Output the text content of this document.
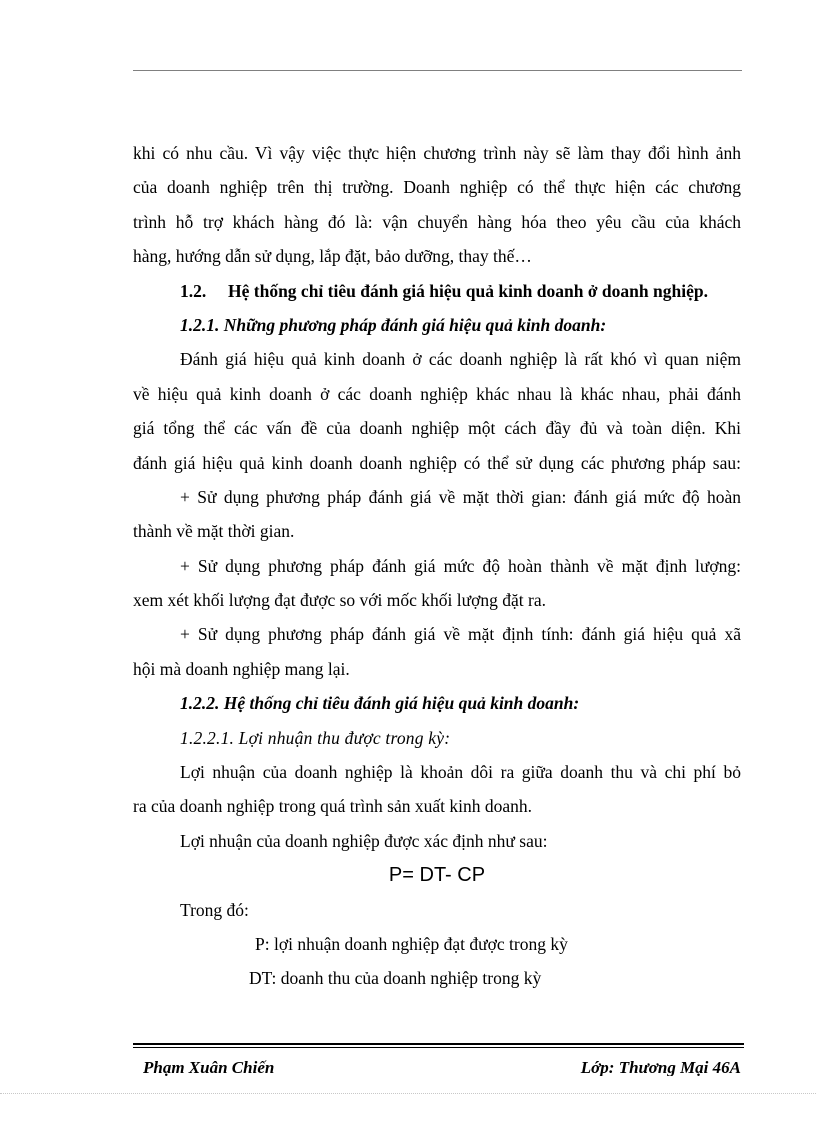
khi có nhu cầu. Vì vậy việc thực hiện chương trình này sẽ làm thay đổi hình ảnh
của doanh nghiệp trên thị trường. Doanh nghiệp có thể thực hiện các chương
trình hỗ trợ khách hàng đó là: vận chuyển hàng hóa theo yêu cầu của khách
hàng, hướng dẫn sử dụng, lắp đặt, bảo dưỡng, thay thế…
1.2. Hệ thống chỉ tiêu đánh giá hiệu quả kinh doanh ở doanh nghiệp.
1.2.1. Những phương pháp đánh giá hiệu quả kinh doanh:
Đánh giá hiệu quả kinh doanh ở các doanh nghiệp là rất khó vì quan niệm
về hiệu quả kinh doanh ở các doanh nghiệp khác nhau là khác nhau, phải đánh
giá tổng thể các vấn đề của doanh nghiệp một cách đầy đủ và toàn diện. Khi
đánh giá hiệu quả kinh doanh doanh nghiệp có thể sử dụng các phương pháp sau:
+ Sử dụng phương pháp đánh giá về mặt thời gian: đánh giá mức độ hoàn
thành về mặt thời gian.
+ Sử dụng phương pháp đánh giá mức độ hoàn thành về mặt định lượng:
xem xét khối lượng đạt được so với mốc khối lượng đặt ra.
+ Sử dụng phương pháp đánh giá về mặt định tính: đánh giá hiệu quả xã
hội mà doanh nghiệp mang lại.
1.2.2. Hệ thống chỉ tiêu đánh giá hiệu quả kinh doanh:
1.2.2.1. Lợi nhuận thu được trong kỳ:
Lợi nhuận của doanh nghiệp là khoản dôi ra giữa doanh thu và chi phí bỏ
ra của doanh nghiệp trong quá trình sản xuất kinh doanh.
Lợi nhuận của doanh nghiệp được xác định như sau:
P= DT- CP
Trong đó:
P: lợi nhuận doanh nghiệp đạt được trong kỳ
DT: doanh thu của doanh nghiệp trong kỳ
Phạm Xuân Chiến	Lớp: Thương Mại 46A
